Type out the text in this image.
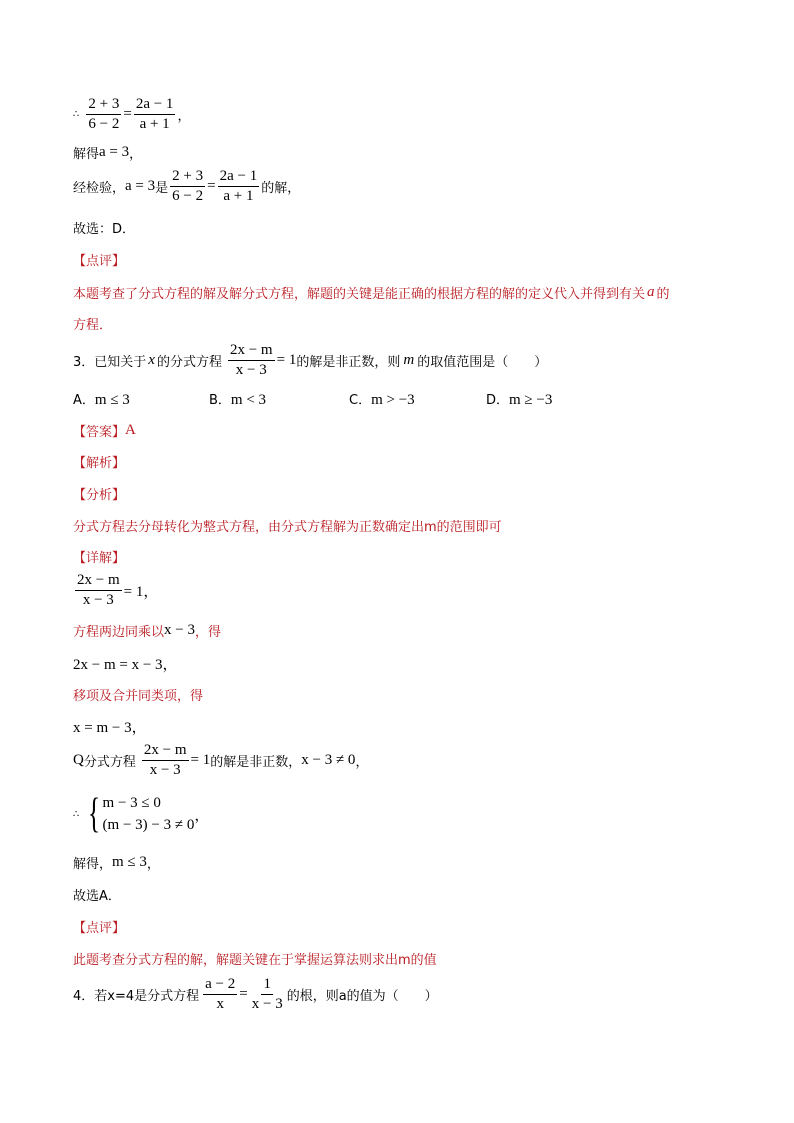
∴ $\frac{2 + 3}{6 - 2} = \frac{2a - 1}{a + 1}$ ，
解得 a = 3 ，
经检验， a = 3 是 $\frac{2 + 3}{6 - 2} = \frac{2a - 1}{a + 1}$ 的解，
故选：D．
【点评】
本题考查了分式方程的解及解分式方程，解题的关键是能正确的根据方程的解的定义代入并得到有关 a 的
方程．
3．已知关于 x 的分式方程 $\frac{2x - m}{x - 3} = 1$ 的解是非正数，则 m 的取值范围是（　　）
A．m ≤ 3	B．m < 3	C．m > −3	D．m ≥ −3
【答案】 A
【解析】
【分析】
分式方程去分母转化为整式方程，由分式方程解为正数确定出m的范围即可
【详解】
$\frac{2x - m}{x - 3} = 1$，
方程两边同乘以 x − 3 ，得
2x − m = x − 3，
移项及合并同类项，得
x = m − 3，
Q 分式方程 $\frac{2x - m}{x - 3} = 1$ 的解是非正数， x − 3 ≠ 0 ，
∴ { m − 3 ≤ 0
(m − 3) − 3 ≠ 0
，
解得， m ≤ 3 ，
故选A．
【点评】
此题考查分式方程的解，解题关键在于掌握运算法则求出m的值
4．若x=4是分式方程 $\frac{a - 2}{x} = \frac{1}{x - 3}$ 的根，则a的值为（　　）
